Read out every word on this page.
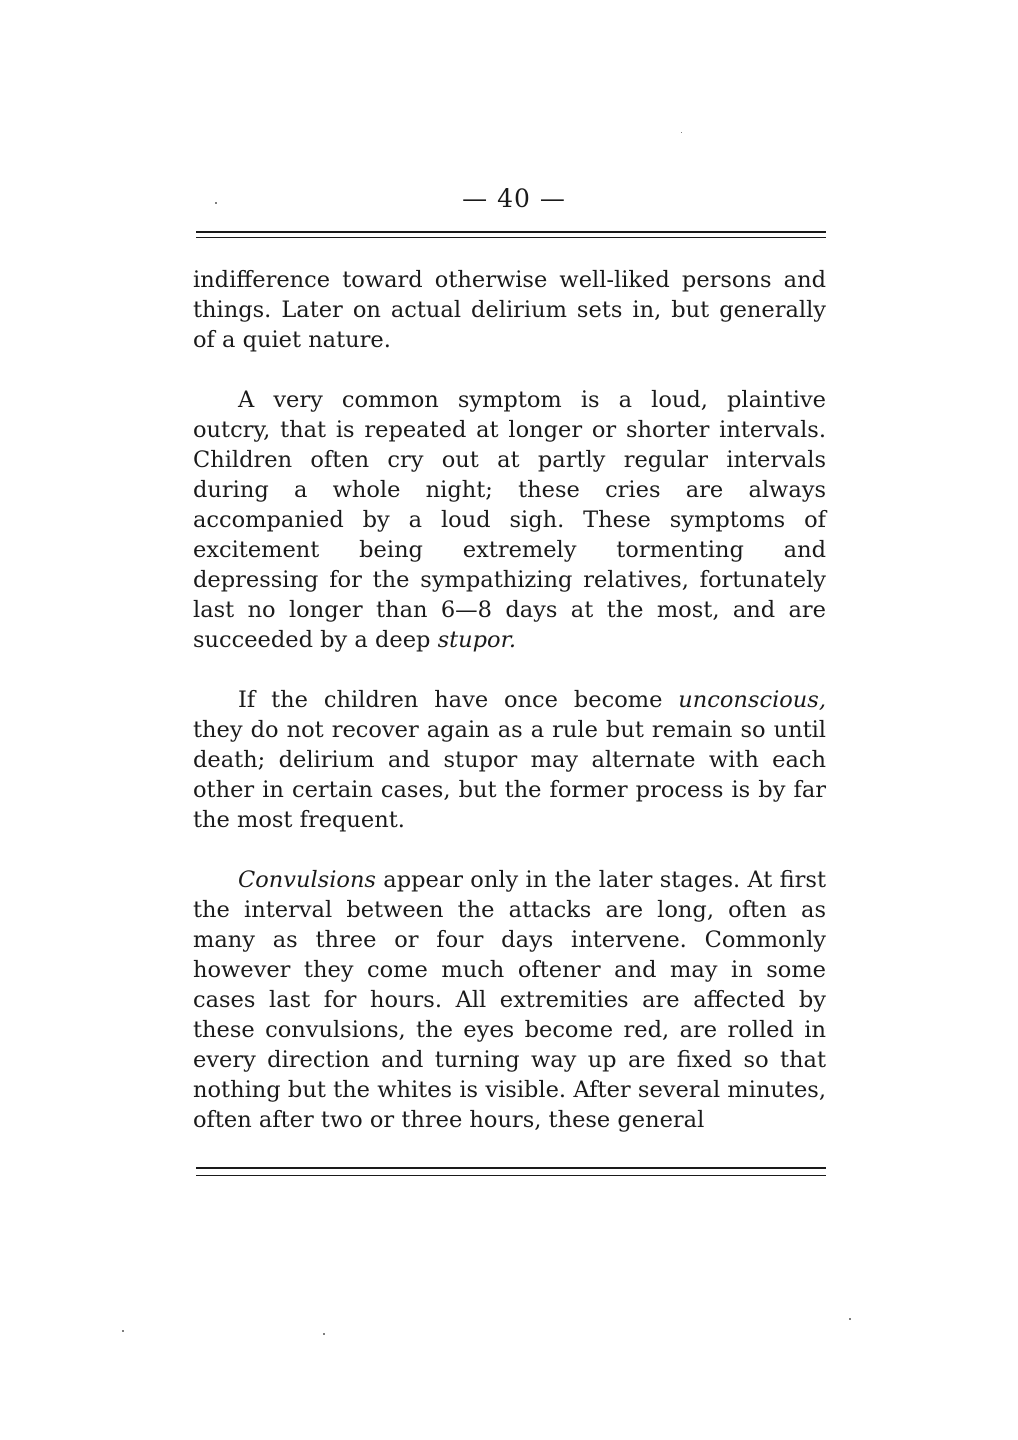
— 40 —

indifference toward otherwise well-liked persons and things. Later on actual delirium sets in, but generally of a quiet nature.

A very common symptom is a loud, plaintive outcry, that is repeated at longer or shorter intervals. Children often cry out at partly regular intervals during a whole night; these cries are always accompanied by a loud sigh. These symptoms of excitement being extremely tormenting and depressing for the sympathizing relatives, fortunately last no longer than 6—8 days at the most, and are succeeded by a deep stupor.

If the children have once become unconscious, they do not recover again as a rule but remain so until death; delirium and stupor may alternate with each other in certain cases, but the former process is by far the most frequent.

Convulsions appear only in the later stages. At first the interval between the attacks are long, often as many as three or four days intervene. Commonly however they come much oftener and may in some cases last for hours. All extremities are affected by these convulsions, the eyes become red, are rolled in every direction and turning way up are fixed so that nothing but the whites is visible. After several minutes, often after two or three hours, these general
